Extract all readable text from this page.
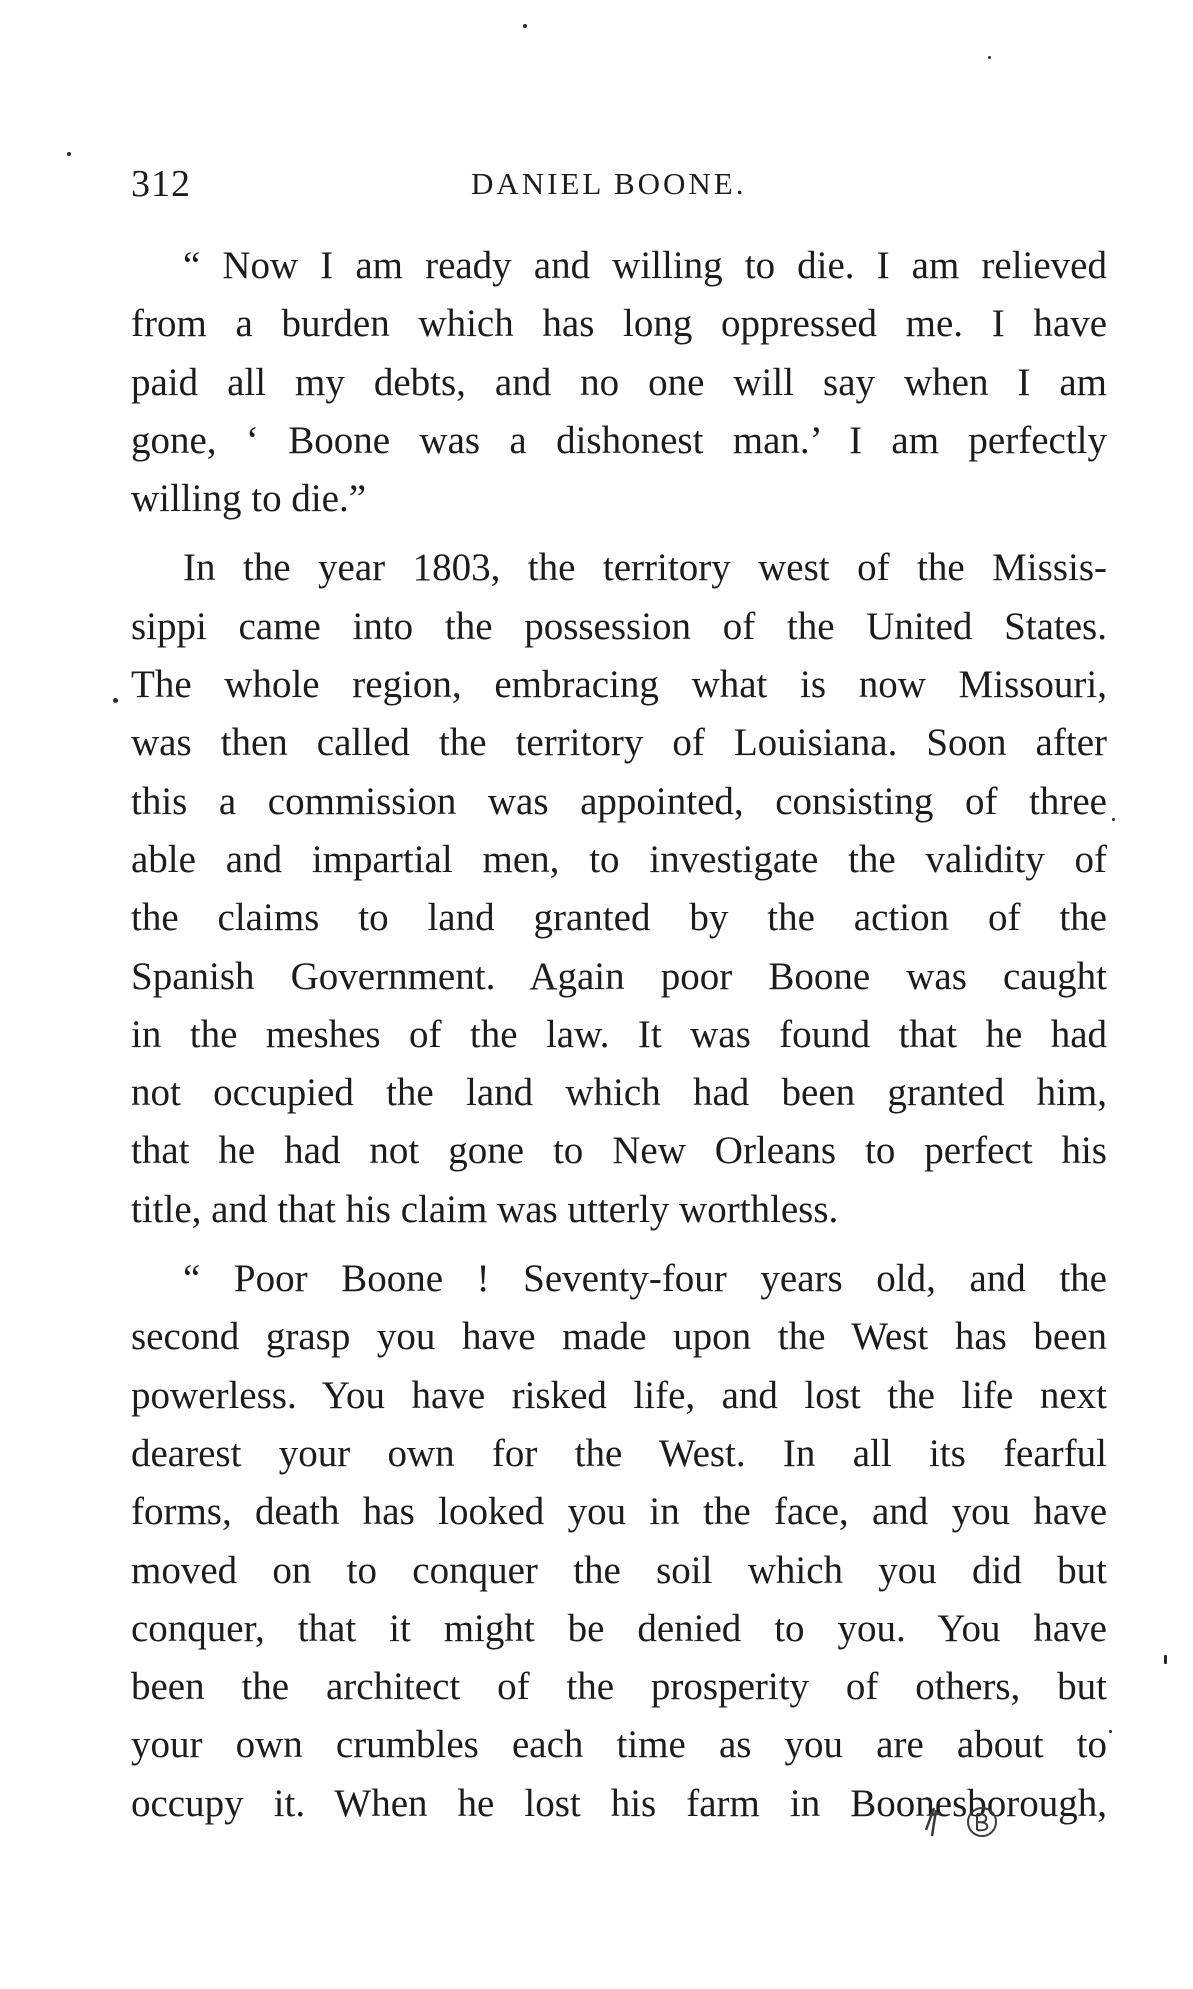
312	DANIEL BOONE.
“ Now I am ready and willing to die. I am relieved
from a burden which has long oppressed me. I have
paid all my debts, and no one will say when I am
gone, ‘ Boone was a dishonest man.’ I am perfectly
willing to die.”
In the year 1803, the territory west of the Missis-
sippi came into the possession of the United States.
The whole region, embracing what is now Missouri,
was then called the territory of Louisiana. Soon after
this a commission was appointed, consisting of three
able and impartial men, to investigate the validity of
the claims to land granted by the action of the
Spanish Government. Again poor Boone was caught
in the meshes of the law. It was found that he had
not occupied the land which had been granted him,
that he had not gone to New Orleans to perfect his
title, and that his claim was utterly worthless.
“ Poor Boone ! Seventy-four years old, and the
second grasp you have made upon the West has been
powerless. You have risked life, and lost the life next
dearest your own for the West. In all its fearful
forms, death has looked you in the face, and you have
moved on to conquer the soil which you did but
conquer, that it might be denied to you. You have
been the architect of the prosperity of others, but
your own crumbles each time as you are about to
occupy it. When he lost his farm in Boonesborough,
